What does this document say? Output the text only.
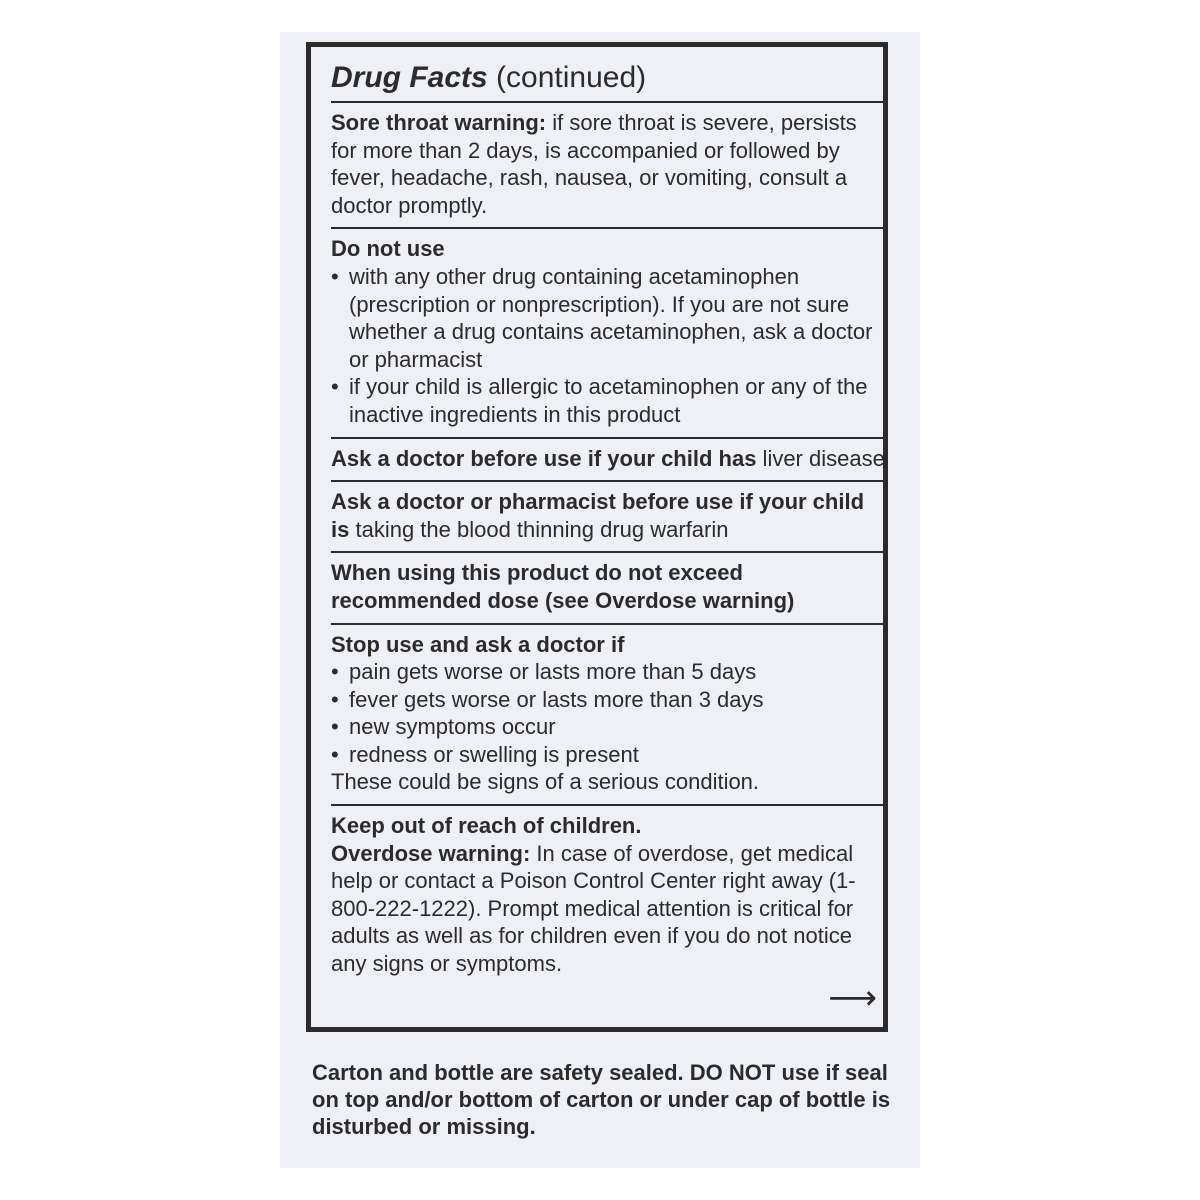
Drug Facts (continued)
Sore throat warning: if sore throat is severe, persists for more than 2 days, is accompanied or followed by fever, headache, rash, nausea, or vomiting, consult a doctor promptly.
Do not use
• with any other drug containing acetaminophen (prescription or nonprescription). If you are not sure whether a drug contains acetaminophen, ask a doctor or pharmacist
• if your child is allergic to acetaminophen or any of the inactive ingredients in this product
Ask a doctor before use if your child has liver disease
Ask a doctor or pharmacist before use if your child is taking the blood thinning drug warfarin
When using this product do not exceed recommended dose (see Overdose warning)
Stop use and ask a doctor if
• pain gets worse or lasts more than 5 days
• fever gets worse or lasts more than 3 days
• new symptoms occur
• redness or swelling is present
These could be signs of a serious condition.
Keep out of reach of children.
Overdose warning: In case of overdose, get medical help or contact a Poison Control Center right away (1-800-222-1222). Prompt medical attention is critical for adults as well as for children even if you do not notice any signs or symptoms.
⟶
Carton and bottle are safety sealed. DO NOT use if seal on top and/or bottom of carton or under cap of bottle is disturbed or missing.
